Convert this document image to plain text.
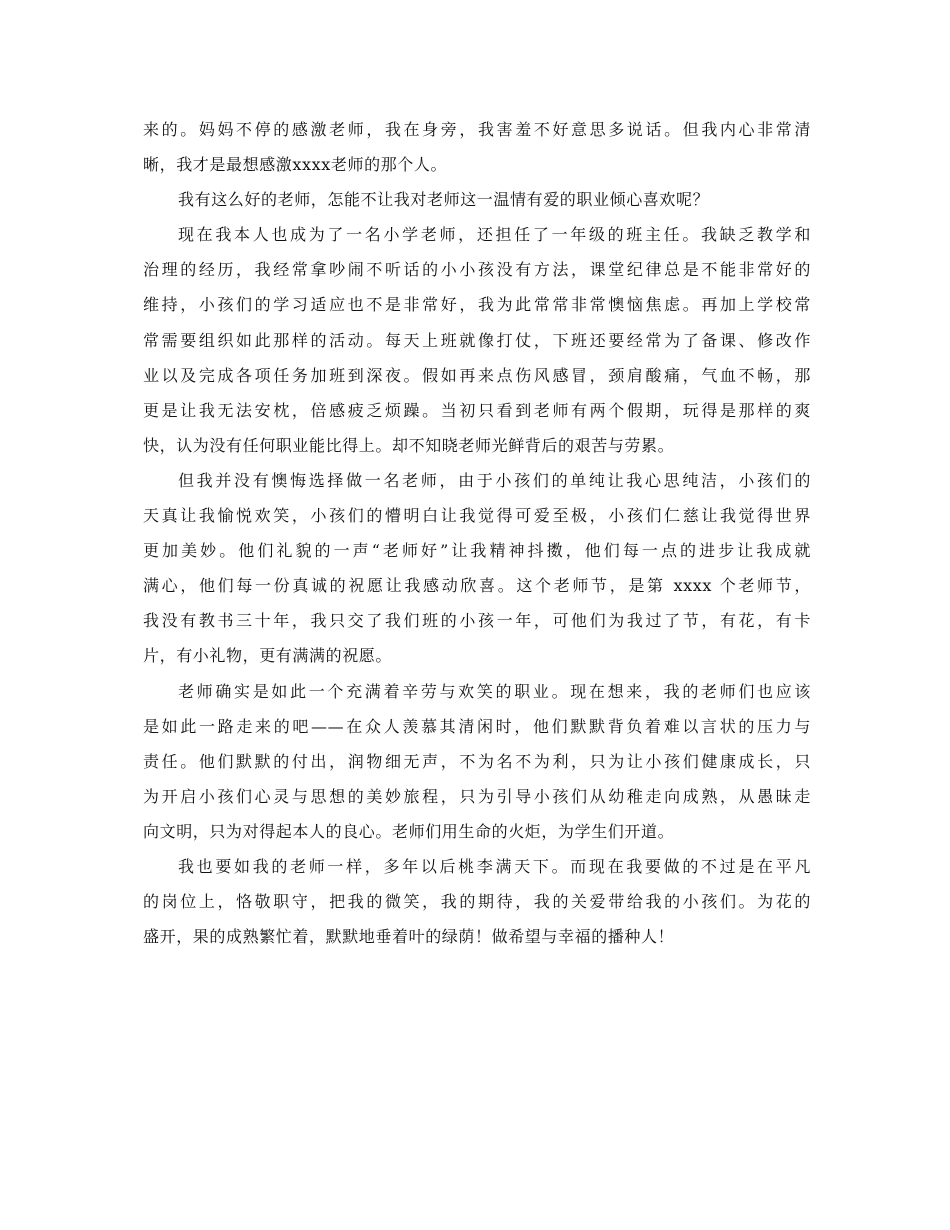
来的。妈妈不停的感激老师，我在身旁，我害羞不好意思多说话。但我内心非常清
晰，我才是最想感激xxxx老师的那个人。
我有这么好的老师，怎能不让我对老师这一温情有爱的职业倾心喜欢呢？
现在我本人也成为了一名小学老师，还担任了一年级的班主任。我缺乏教学和
治理的经历，我经常拿吵闹不听话的小小孩没有方法，课堂纪律总是不能非常好的
维持，小孩们的学习适应也不是非常好，我为此常常非常懊恼焦虑。再加上学校常
常需要组织如此那样的活动。每天上班就像打仗，下班还要经常为了备课、修改作
业以及完成各项任务加班到深夜。假如再来点伤风感冒，颈肩酸痛，气血不畅，那
更是让我无法安枕，倍感疲乏烦躁。当初只看到老师有两个假期，玩得是那样的爽
快，认为没有任何职业能比得上。却不知晓老师光鲜背后的艰苦与劳累。
但我并没有懊悔选择做一名老师，由于小孩们的单纯让我心思纯洁，小孩们的
天真让我愉悦欢笑，小孩们的懵明白让我觉得可爱至极，小孩们仁慈让我觉得世界
更加美妙。他们礼貌的一声“老师好”让我精神抖擞，他们每一点的进步让我成就
满心，他们每一份真诚的祝愿让我感动欣喜。这个老师节，是第 xxxx 个老师节，
我没有教书三十年，我只交了我们班的小孩一年，可他们为我过了节，有花，有卡
片，有小礼物，更有满满的祝愿。
老师确实是如此一个充满着辛劳与欢笑的职业。现在想来，我的老师们也应该
是如此一路走来的吧——在众人羡慕其清闲时，他们默默背负着难以言状的压力与
责任。他们默默的付出，润物细无声，不为名不为利，只为让小孩们健康成长，只
为开启小孩们心灵与思想的美妙旅程，只为引导小孩们从幼稚走向成熟，从愚昧走
向文明，只为对得起本人的良心。老师们用生命的火炬，为学生们开道。
我也要如我的老师一样，多年以后桃李满天下。而现在我要做的不过是在平凡
的岗位上，恪敬职守，把我的微笑，我的期待，我的关爱带给我的小孩们。为花的
盛开，果的成熟繁忙着，默默地垂着叶的绿荫！做希望与幸福的播种人！
